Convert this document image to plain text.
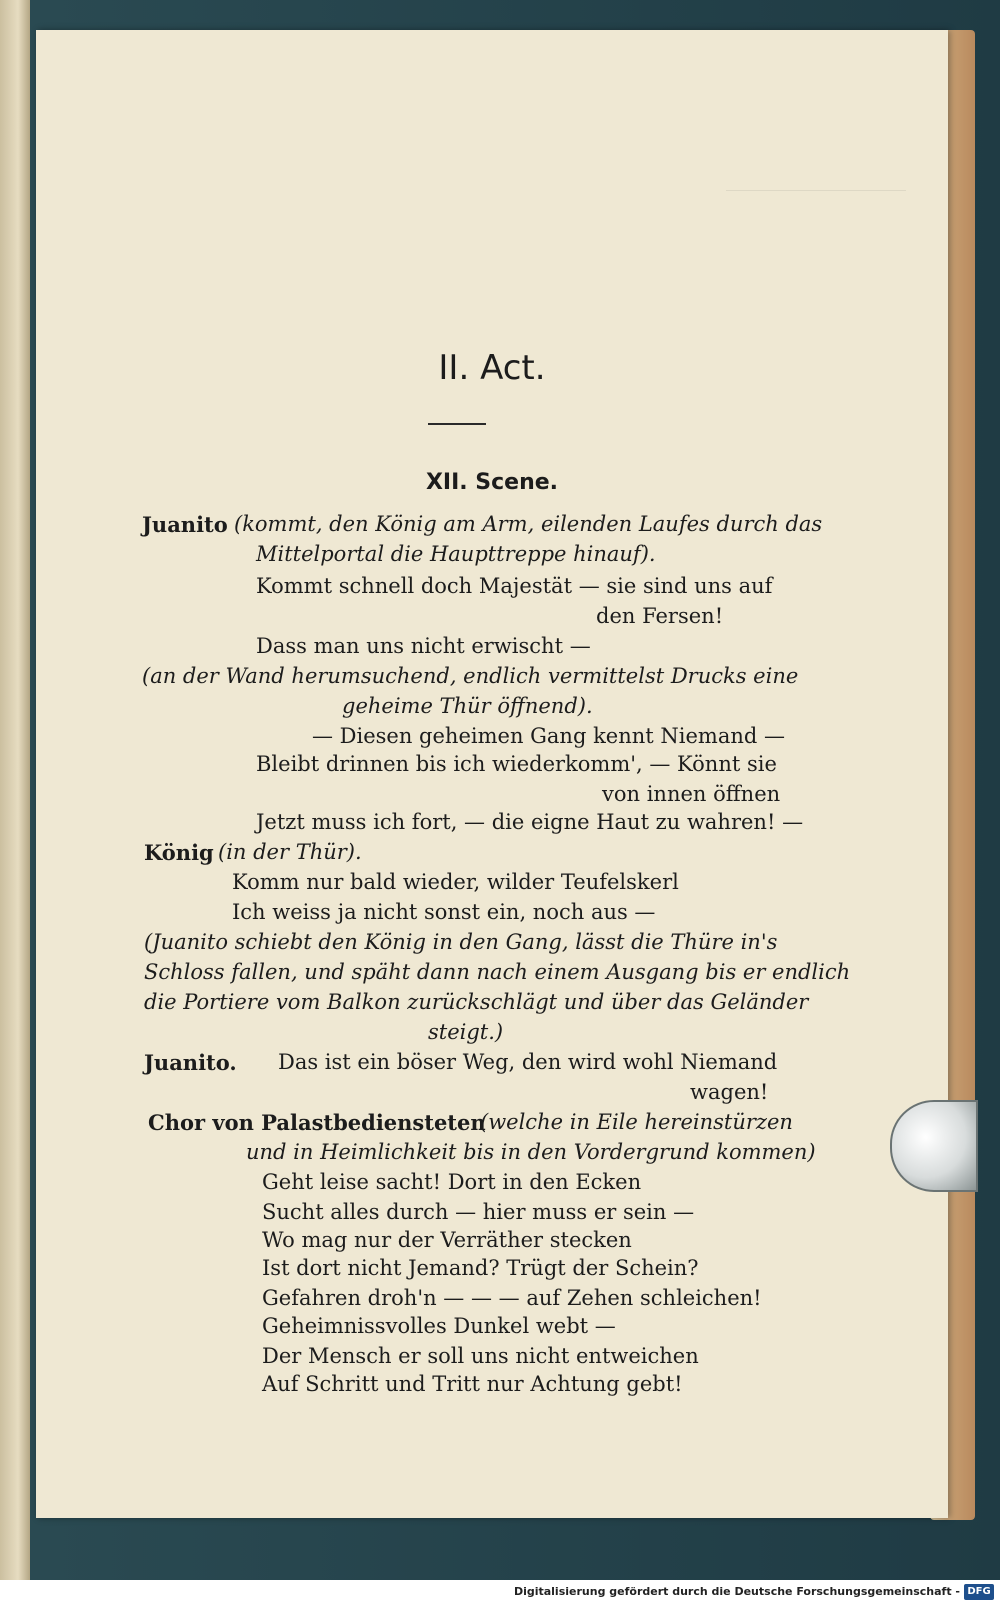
II. Act.
XII. Scene.
Juanito (kommt, den König am Arm, eilenden Laufes durch das
Mittelportal die Haupttreppe hinauf).
Kommt schnell doch Majestät — sie sind uns auf
den Fersen!
Dass man uns nicht erwischt —
(an der Wand herumsuchend, endlich vermittelst Drucks eine
geheime Thür öffnend).
— Diesen geheimen Gang kennt Niemand —
Bleibt drinnen bis ich wiederkomm', — Könnt sie
von innen öffnen
Jetzt muss ich fort, — die eigne Haut zu wahren! —
König (in der Thür).
Komm nur bald wieder, wilder Teufelskerl
Ich weiss ja nicht sonst ein, noch aus —
(Juanito schiebt den König in den Gang, lässt die Thüre in's
Schloss fallen, und späht dann nach einem Ausgang bis er endlich
die Portiere vom Balkon zurückschlägt und über das Geländer
steigt.)
Juanito. Das ist ein böser Weg, den wird wohl Niemand
wagen!
Chor von Palastbediensteten
(welche in Eile hereinstürzen
und in Heimlichkeit bis in den Vordergrund kommen)
Geht leise sacht! Dort in den Ecken
Sucht alles durch — hier muss er sein —
Wo mag nur der Verräther stecken
Ist dort nicht Jemand? Trügt der Schein?
Gefahren droh'n — — — auf Zehen schleichen!
Geheimnissvolles Dunkel webt —
Der Mensch er soll uns nicht entweichen
Auf Schritt und Tritt nur Achtung gebt!
Digitalisierung gefördert durch die Deutsche Forschungsgemeinschaft - DFG
